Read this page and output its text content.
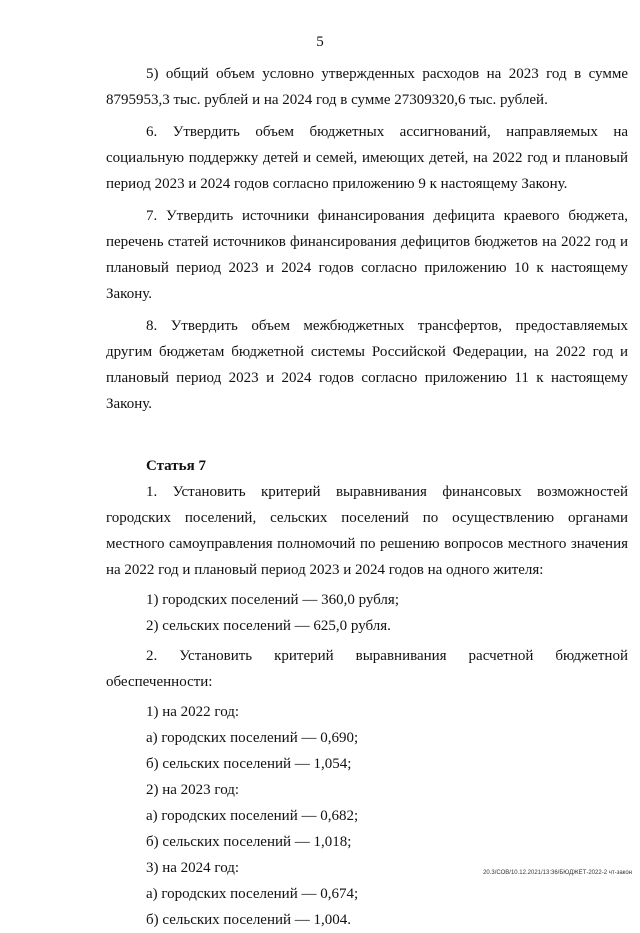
5

5) общий объем условно утвержденных расходов на 2023 год в сумме 8795953,3 тыс. рублей и на 2024 год в сумме 27309320,6 тыс. рублей.

6. Утвердить объем бюджетных ассигнований, направляемых на социальную поддержку детей и семей, имеющих детей, на 2022 год и плановый период 2023 и 2024 годов согласно приложению 9 к настоящему Закону.

7. Утвердить источники финансирования дефицита краевого бюджета, перечень статей источников финансирования дефицитов бюджетов на 2022 год и плановый период 2023 и 2024 годов согласно приложению 10 к настоящему Закону.

8. Утвердить объем межбюджетных трансфертов, предоставляемых другим бюджетам бюджетной системы Российской Федерации, на 2022 год и плановый период 2023 и 2024 годов согласно приложению 11 к настоящему Закону.

Статья 7

1. Установить критерий выравнивания финансовых возможностей городских поселений, сельских поселений по осуществлению органами местного самоуправления полномочий по решению вопросов местного значения на 2022 год и плановый период 2023 и 2024 годов на одного жителя:

1) городских поселений — 360,0 рубля;

2) сельских поселений — 625,0 рубля.

2. Установить критерий выравнивания расчетной бюджетной обеспеченности:

1) на 2022 год:

а) городских поселений — 0,690;

б) сельских поселений — 1,054;

2) на 2023 год:

а) городских поселений — 0,682;

б) сельских поселений — 1,018;

3) на 2024 год:

а) городских поселений — 0,674;

б) сельских поселений — 1,004.

20.3/СОВ/10.12.2021/13:36/БЮДЖЕТ-2022-2 чт-закон
